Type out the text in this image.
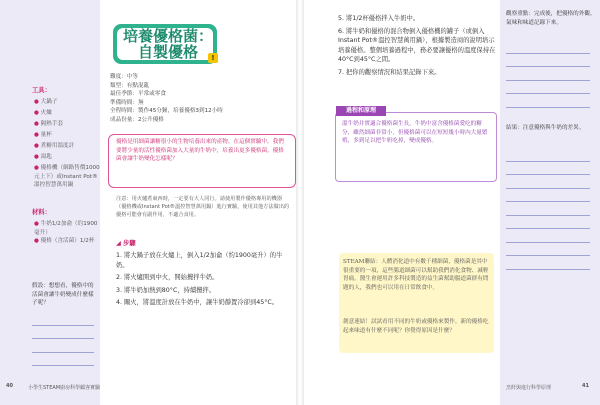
工具：
● 大鍋子
● 火爐
● 隔熱手套
● 量杯
● 煮糖用溫度計
● 湯匙
● 優格機（網路售價1000元上下）或Instant Pot®溫控智慧萬用鍋
材料：
● 牛奶1/2加侖（約1900毫升）
● 優格（含活菌）1/2杯
假設：想想看，優格中的活菌會讓牛奶變成什麼樣子呢？
40	小學生STEAM廚房科學顧客實驗
培養優格菌：
自製優格	!
難度：中等
類型：有點混亂
最佳季節：平常或零食
準備時間：無
全程時間：製作45分鐘，培養優格3到12小時
成品份量：2公升優格
優格是用細菌讓糖很小的生物培養出來的產物。在這個實驗中，我們要將少量的活性優格菌加入大量的牛奶中，培養出更多優格菌。優格菌會讓牛奶變化怎樣呢？
注意：用火爐煮東西時，一定要有大人同行。請使用製作優格專用的機器（優格機或Instant Pot®溫控智慧萬用鍋）進行實驗，使用其他方法做出的優格可能會有副作用，不適合食用。
◢ 步驟
1. 將大鍋子放在火爐上，倒入1/2加侖（約1900毫升）的牛奶。
2. 將火爐開到中火，開始攪拌牛奶。
3. 將牛奶加熱到80°C，持續攪拌。
4. 關火，將溫度計放在牛奶中，讓牛奶靜置冷卻到45°C。
5. 將1/2杯優格拌入牛奶中。
6. 將牛奶和優格的混合物倒入優格機的罐子（或倒入Instant Pot®溫控智慧萬用鍋），根據製造商的說明培示培養優格。整個培養過程中，務必要讓優格的溫度保持在40°C到45°C之間。
7. 把你的觀察情況和結果記錄下來。
過程和原理
溫牛奶并實適合優格菌生長，牛奶中富含優格菌愛吃的糖分，雖然細菌非常小，但優格菌可以在短短幾小時內大量繁殖，多到足以把牛奶吃掉，變成優格。
STEAM聯結：人體消化道中有數千種細菌，優格菌是其中很重要的一項，這些腸道細菌可以幫助我們消化食物、減輕胃痛。醫生會運用許多科技製造的益生菌幫助腸道菌群有問題的人，我們也可以用在日常飲食中。
創意連結！試試看用不同的牛奶或優格來製作。新的優格吃起來味道有什麼不同呢？你覺得原因是什麼？
觀察重點：完成後，把優格的外觀、氣味和味道記錄下來。
結果：注意優格與牛奶的差異。
烹飪與進行科學原理	41
